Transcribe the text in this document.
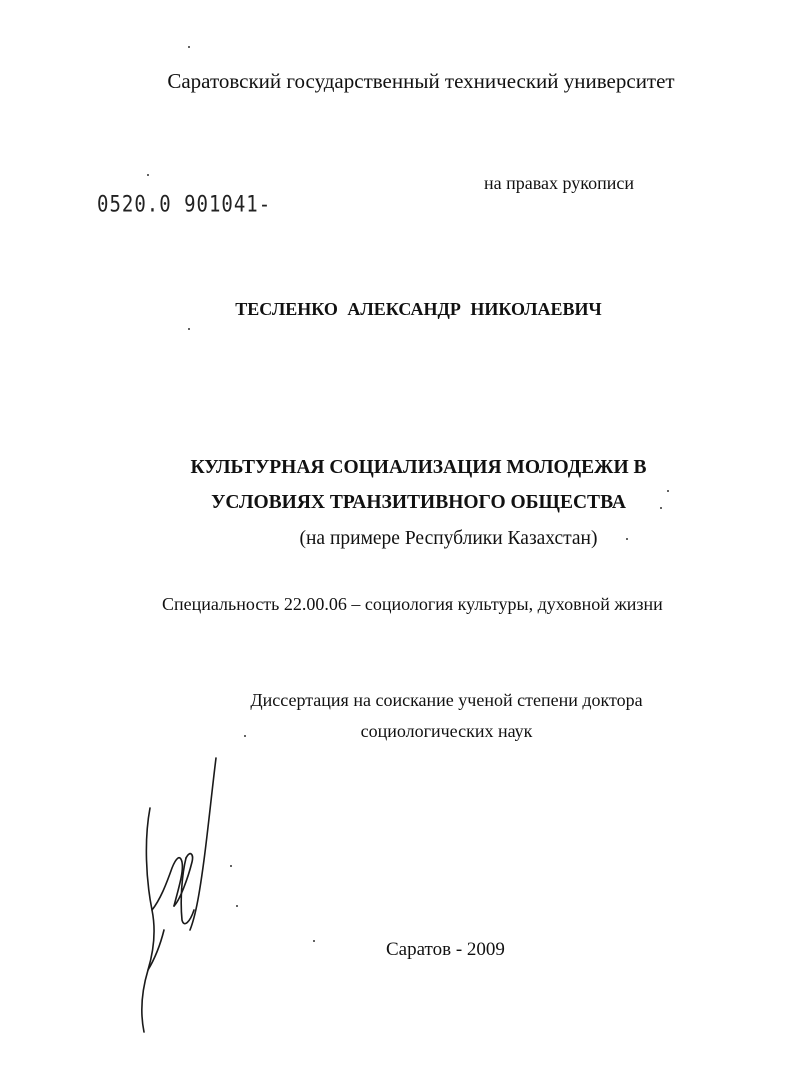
Саратовский государственный технический университет
на правах рукописи
0520.0 901041-
ТЕСЛЕНКО АЛЕКСАНДР НИКОЛАЕВИЧ
КУЛЬТУРНАЯ СОЦИАЛИЗАЦИЯ МОЛОДЕЖИ В
УСЛОВИЯХ ТРАНЗИТИВНОГО ОБЩЕСТВА
(на примере Республики Казахстан)
Специальность 22.00.06 – социология культуры, духовной жизни
Диссертация на соискание ученой степени доктора
социологических наук
Саратов - 2009
